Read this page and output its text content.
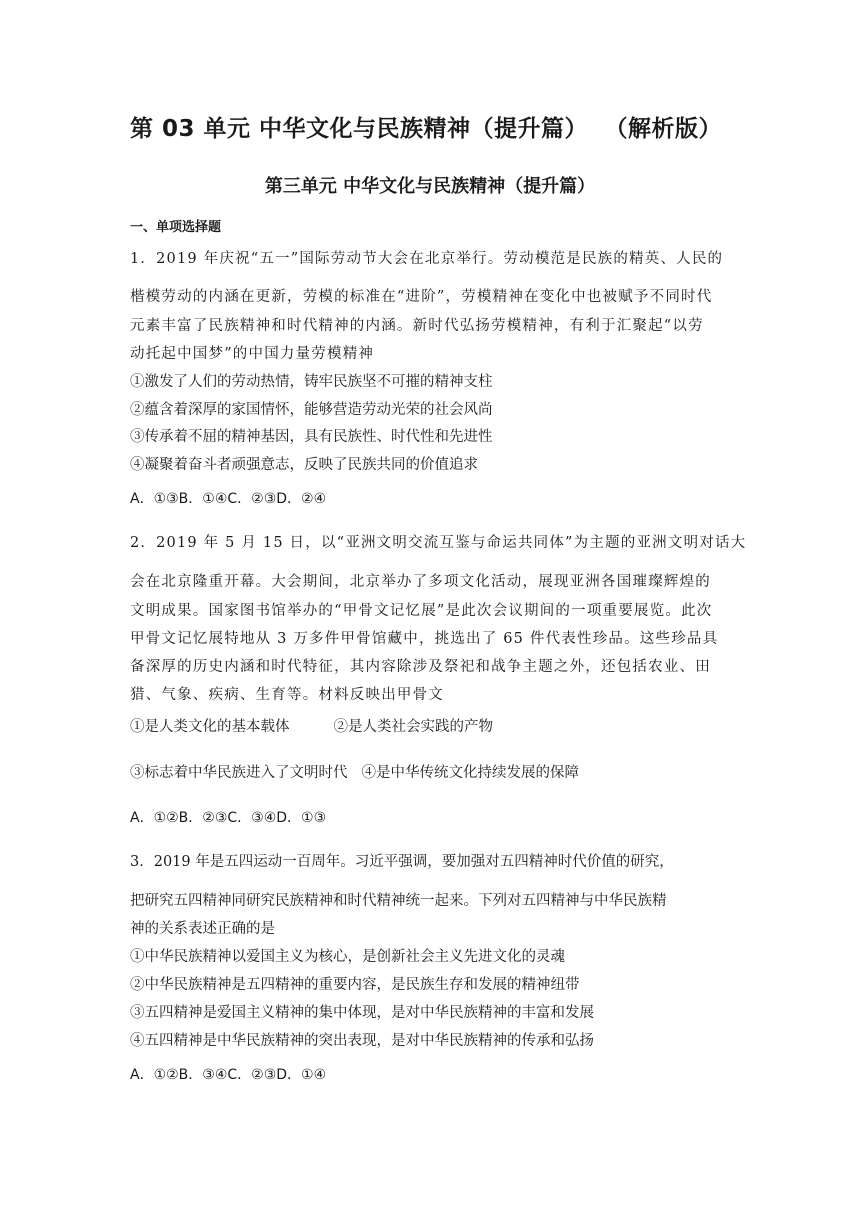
第 03 单元 中华文化与民族精神（提升篇） （解析版）
第三单元 中华文化与民族精神（提升篇）
一、单项选择题
1．2019 年庆祝“五一”国际劳动节大会在北京举行。劳动模范是民族的精英、人民的
楷模劳动的内涵在更新，劳模的标准在“进阶”，劳模精神在变化中也被赋予不同时代
元素丰富了民族精神和时代精神的内涵。新时代弘扬劳模精神，有利于汇聚起“以劳
动托起中国梦”的中国力量劳模精神
①激发了人们的劳动热情，铸牢民族坚不可摧的精神支柱
②蕴含着深厚的家国情怀，能够营造劳动光荣的社会风尚
③传承着不屈的精神基因，具有民族性、时代性和先进性
④凝聚着奋斗者顽强意志，反映了民族共同的价值追求
A．①③B．①④C．②③D．②④
2．2019 年 5 月 15 日，以“亚洲文明交流互鉴与命运共同体”为主题的亚洲文明对话大
会在北京隆重开幕。大会期间，北京举办了多项文化活动，展现亚洲各国璀璨辉煌的
文明成果。国家图书馆举办的“甲骨文记忆展”是此次会议期间的一项重要展览。此次
甲骨文记忆展特地从 3 万多件甲骨馆藏中，挑选出了 65 件代表性珍品。这些珍品具
备深厚的历史内涵和时代特征，其内容除涉及祭祀和战争主题之外，还包括农业、田
猎、气象、疾病、生育等。材料反映出甲骨文
①是人类文化的基本载体	②是人类社会实践的产物
③标志着中华民族进入了文明时代 ④是中华传统文化持续发展的保障
A．①②B．②③C．③④D．①③
3．2019 年是五四运动一百周年。习近平强调，要加强对五四精神时代价值的研究，
把研究五四精神同研究民族精神和时代精神统一起来。下列对五四精神与中华民族精
神的关系表述正确的是
①中华民族精神以爱国主义为核心，是创新社会主义先进文化的灵魂
②中华民族精神是五四精神的重要内容，是民族生存和发展的精神纽带
③五四精神是爱国主义精神的集中体现，是对中华民族精神的丰富和发展
④五四精神是中华民族精神的突出表现，是对中华民族精神的传承和弘扬
A．①②B．③④C．②③D．①④
